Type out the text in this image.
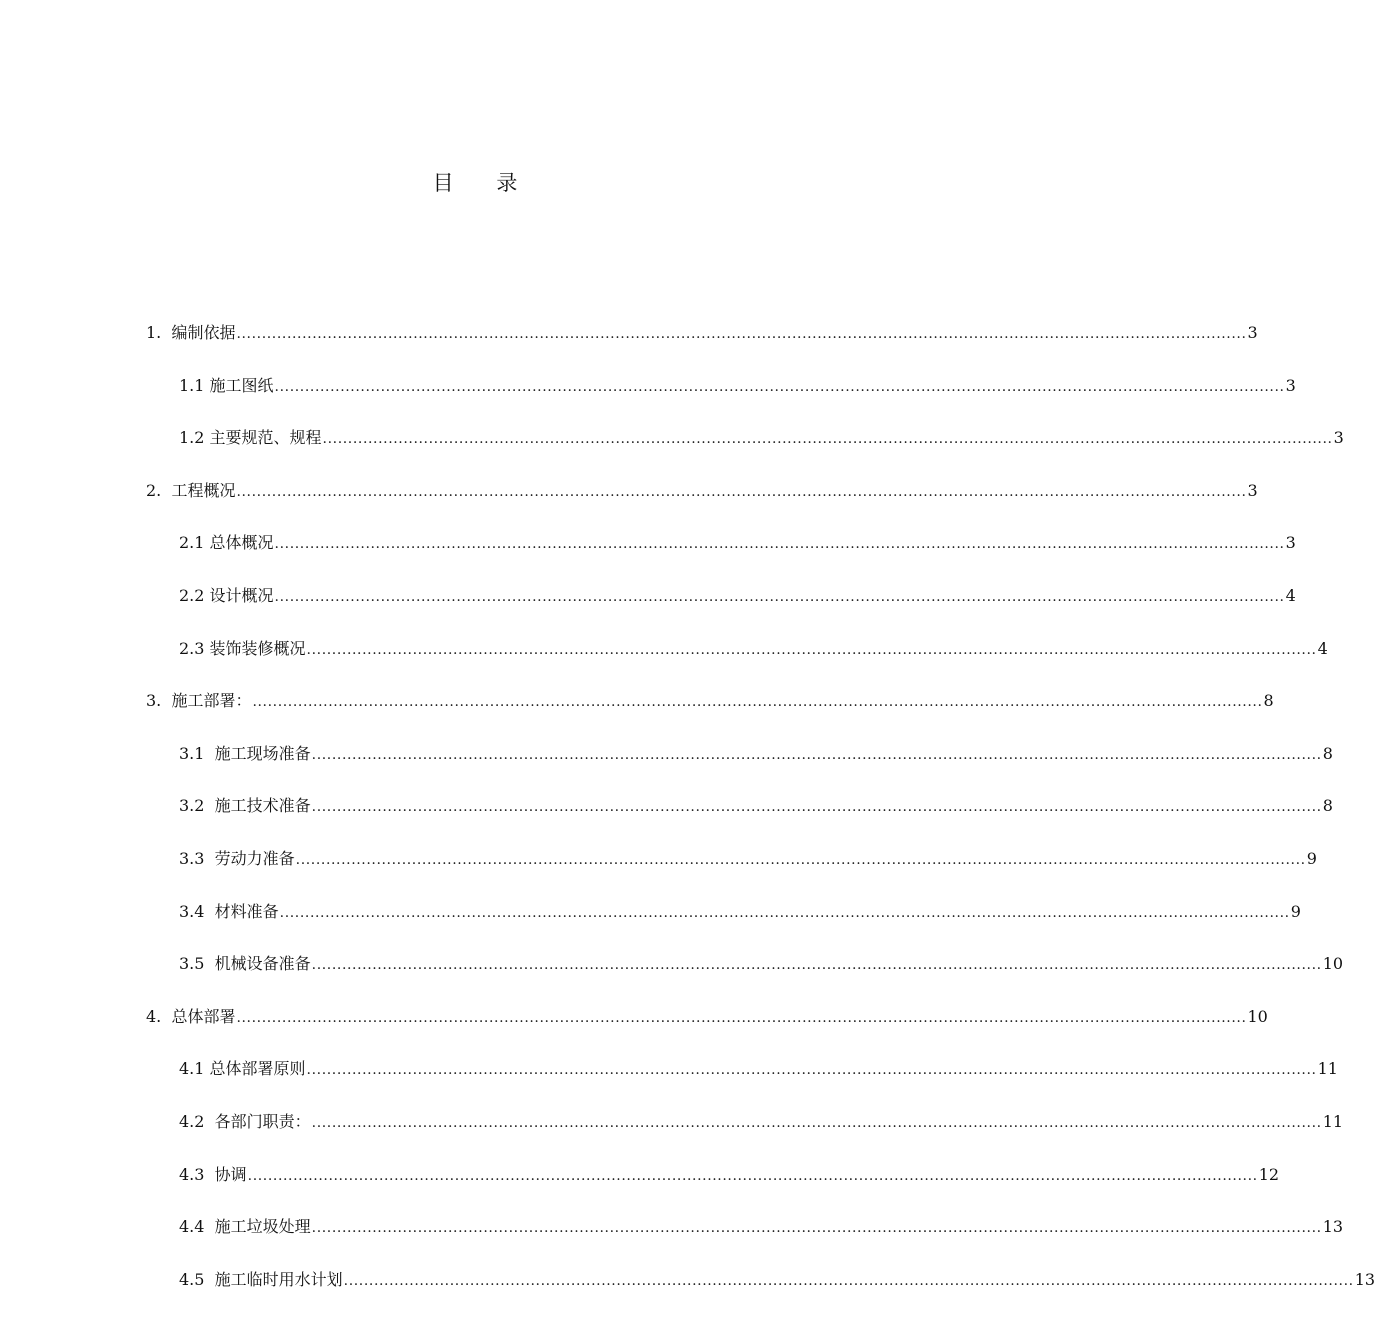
目 录
1. 编制依据 ........................................................................................................................................................................................................ 3
1.1 施工图纸 ........................................................................................................................................................................................................ 3
1.2 主要规范、规程 ........................................................................................................................................................................................................ 3
2. 工程概况 ........................................................................................................................................................................................................ 3
2.1 总体概况 ........................................................................................................................................................................................................ 3
2.2 设计概况 ........................................................................................................................................................................................................ 4
2.3 装饰装修概况 ........................................................................................................................................................................................................ 4
3. 施工部署： ........................................................................................................................................................................................................ 8
3.1 施工现场准备 ........................................................................................................................................................................................................ 8
3.2 施工技术准备 ........................................................................................................................................................................................................ 8
3.3 劳动力准备 ........................................................................................................................................................................................................ 9
3.4 材料准备 ........................................................................................................................................................................................................ 9
3.5 机械设备准备 ........................................................................................................................................................................................................ 10
4. 总体部署 ........................................................................................................................................................................................................ 10
4.1 总体部署原则 ........................................................................................................................................................................................................ 11
4.2 各部门职责： ........................................................................................................................................................................................................ 11
4.3 协调 ........................................................................................................................................................................................................ 12
4.4 施工垃圾处理 ........................................................................................................................................................................................................ 13
4.5 施工临时用水计划 ........................................................................................................................................................................................................ 13
